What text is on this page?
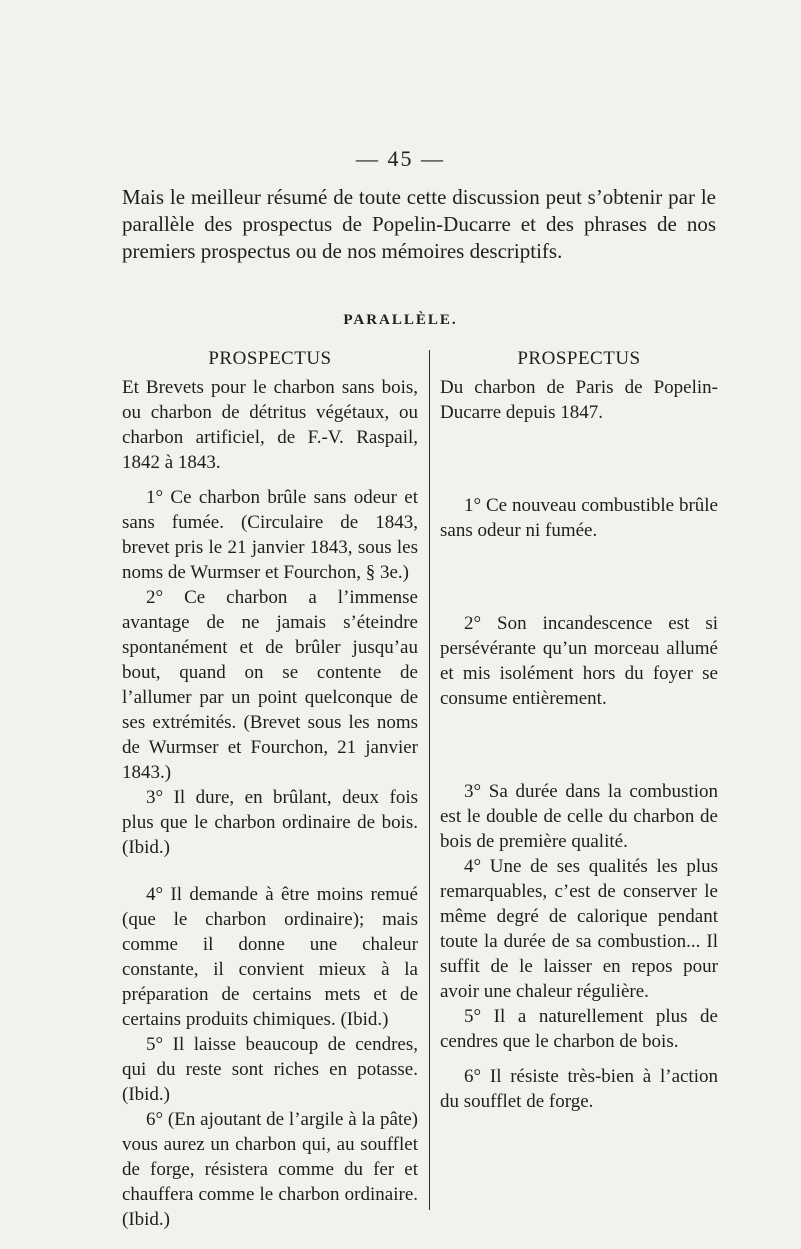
— 45 —
Mais le meilleur résumé de toute cette discussion peut s’obtenir par le parallèle des prospectus de Popelin-Ducarre et des phrases de nos premiers prospectus ou de nos mémoires descriptifs.
PARALLÈLE.
PROSPECTUS
Et Brevets pour le charbon sans bois, ou charbon de détritus végétaux, ou charbon artificiel, de F.-V. Raspail, 1842 à 1843.

1° Ce charbon brûle sans odeur et sans fumée. (Circulaire de 1843, brevet pris le 21 janvier 1843, sous les noms de Wurmser et Fourchon, § 3e.)

2° Ce charbon a l’immense avantage de ne jamais s’éteindre spontanément et de brûler jusqu’au bout, quand on se contente de l’allumer par un point quelconque de ses extrémités. (Brevet sous les noms de Wurmser et Fourchon, 21 janvier 1843.)

3° Il dure, en brûlant, deux fois plus que le charbon ordinaire de bois. (Ibid.)

4° Il demande à être moins remué (que le charbon ordinaire); mais comme il donne une chaleur constante, il convient mieux à la préparation de certains mets et de certains produits chimiques. (Ibid.)

5° Il laisse beaucoup de cendres, qui du reste sont riches en potasse. (Ibid.)

6° (En ajoutant de l’argile à la pâte) vous aurez un charbon qui, au soufflet de forge, résistera comme du fer et chauffera comme le charbon ordinaire. (Ibid.)

PROSPECTUS
Du charbon de Paris de Popelin-Ducarre depuis 1847.

1° Ce nouveau combustible brûle sans odeur ni fumée.

2° Son incandescence est si persévérante qu’un morceau allumé et mis isolément hors du foyer se consume entièrement.

3° Sa durée dans la combustion est le double de celle du charbon de bois de première qualité.

4° Une de ses qualités les plus remarquables, c’est de conserver le même degré de calorique pendant toute la durée de sa combustion... Il suffit de le laisser en repos pour avoir une chaleur régulière.

5° Il a naturellement plus de cendres que le charbon de bois.

6° Il résiste très-bien à l’action du soufflet de forge.
